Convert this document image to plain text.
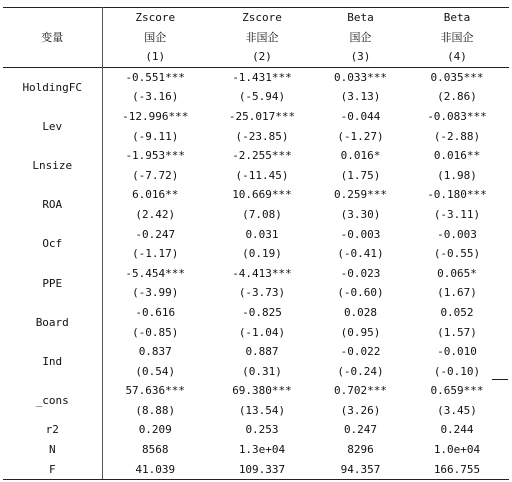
变量	Zscore	Zscore	Beta	Beta
	国企	非国企	国企	非国企
	(1)	(2)	(3)	(4)
HoldingFC	-0.551***	-1.431***	0.033***	0.035***
	(-3.16)	(-5.94)	(3.13)	(2.86)
Lev	-12.996***	-25.017***	-0.044	-0.083***
	(-9.11)	(-23.85)	(-1.27)	(-2.88)
Lnsize	-1.953***	-2.255***	0.016*	0.016**
	(-7.72)	(-11.45)	(1.75)	(1.98)
ROA	6.016**	10.669***	0.259***	-0.180***
	(2.42)	(7.08)	(3.30)	(-3.11)
Ocf	-0.247	0.031	-0.003	-0.003
	(-1.17)	(0.19)	(-0.41)	(-0.55)
PPE	-5.454***	-4.413***	-0.023	0.065*
	(-3.99)	(-3.73)	(-0.60)	(1.67)
Board	-0.616	-0.825	0.028	0.052
	(-0.85)	(-1.04)	(0.95)	(1.57)
Ind	0.837	0.887	-0.022	-0.010
	(0.54)	(0.31)	(-0.24)	(-0.10)
_cons	57.636***	69.380***	0.702***	0.659***
	(8.88)	(13.54)	(3.26)	(3.45)
r2	0.209	0.253	0.247	0.244
N	8568	1.3e+04	8296	1.0e+04
F	41.039	109.337	94.357	166.755
